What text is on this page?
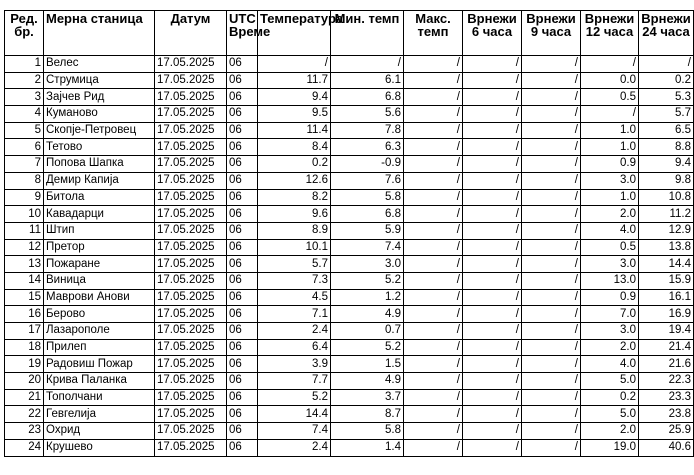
Ред. бр.	Мерна станица	Датум	UTC Време	Температура	Мин. темп	Макс. темп	Врнежи 6 часа	Врнежи 9 часа	Врнежи 12 часа	Врнежи 24 часа
1	Велес	17.05.2025	06	/	/	/	/	/	/	/
2	Струмица	17.05.2025	06	11.7	6.1	/	/	/	0.0	0.2
3	Зајчев Рид	17.05.2025	06	9.4	6.8	/	/	/	0.5	5.3
4	Куманово	17.05.2025	06	9.5	5.6	/	/	/	/	5.7
5	Скопје-Петровец	17.05.2025	06	11.4	7.8	/	/	/	1.0	6.5
6	Тетово	17.05.2025	06	8.4	6.3	/	/	/	1.0	8.8
7	Попова Шапка	17.05.2025	06	0.2	-0.9	/	/	/	0.9	9.4
8	Демир Капија	17.05.2025	06	12.6	7.6	/	/	/	3.0	9.8
9	Битола	17.05.2025	06	8.2	5.8	/	/	/	1.0	10.8
10	Кавадарци	17.05.2025	06	9.6	6.8	/	/	/	2.0	11.2
11	Штип	17.05.2025	06	8.9	5.9	/	/	/	4.0	12.9
12	Претор	17.05.2025	06	10.1	7.4	/	/	/	0.5	13.8
13	Пожаране	17.05.2025	06	5.7	3.0	/	/	/	3.0	14.4
14	Виница	17.05.2025	06	7.3	5.2	/	/	/	13.0	15.9
15	Маврови Анови	17.05.2025	06	4.5	1.2	/	/	/	0.9	16.1
16	Берово	17.05.2025	06	7.1	4.9	/	/	/	7.0	16.9
17	Лазарополе	17.05.2025	06	2.4	0.7	/	/	/	3.0	19.4
18	Прилеп	17.05.2025	06	6.4	5.2	/	/	/	2.0	21.4
19	Радовиш Пожар	17.05.2025	06	3.9	1.5	/	/	/	4.0	21.6
20	Крива Паланка	17.05.2025	06	7.7	4.9	/	/	/	5.0	22.3
21	Тополчани	17.05.2025	06	5.2	3.7	/	/	/	0.2	23.3
22	Гевгелија	17.05.2025	06	14.4	8.7	/	/	/	5.0	23.8
23	Охрид	17.05.2025	06	7.4	5.8	/	/	/	2.0	25.9
24	Крушево	17.05.2025	06	2.4	1.4	/	/	/	19.0	40.6
